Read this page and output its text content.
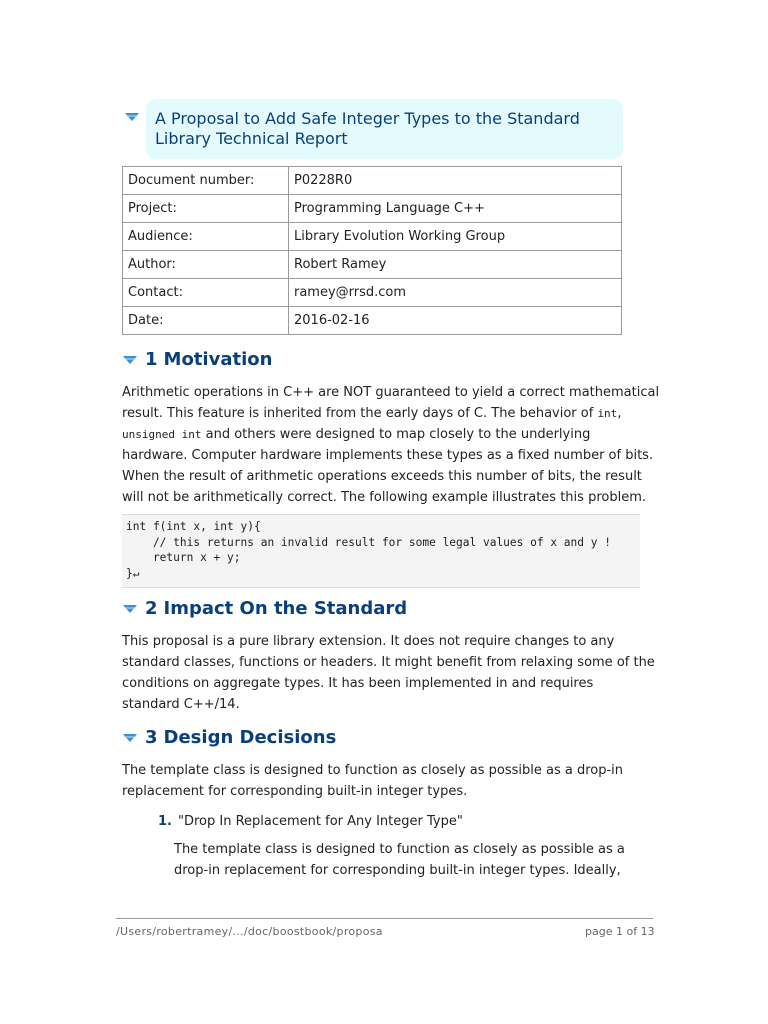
A Proposal to Add Safe Integer Types to the Standard
Library Technical Report
Document number:	P0228R0
Project:	Programming Language C++
Audience:	Library Evolution Working Group
Author:	Robert Ramey
Contact:	ramey@rrsd.com
Date:	2016-02-16
1 Motivation
Arithmetic operations in C++ are NOT guaranteed to yield a correct mathematical
result. This feature is inherited from the early days of C. The behavior of int,
unsigned int and others were designed to map closely to the underlying
hardware. Computer hardware implements these types as a fixed number of bits.
When the result of arithmetic operations exceeds this number of bits, the result
will not be arithmetically correct. The following example illustrates this problem.
int f(int x, int y){
// this returns an invalid result for some legal values of x and y !
return x + y;
}↵
2 Impact On the Standard
This proposal is a pure library extension. It does not require changes to any
standard classes, functions or headers. It might benefit from relaxing some of the
conditions on aggregate types. It has been implemented in and requires
standard C++/14.
3 Design Decisions
The template class is designed to function as closely as possible as a drop-in
replacement for corresponding built-in integer types.
1. "Drop In Replacement for Any Integer Type"
The template class is designed to function as closely as possible as a
drop-in replacement for corresponding built-in integer types. Ideally,
/Users/robertramey/.../doc/boostbook/proposa	page 1 of 13
